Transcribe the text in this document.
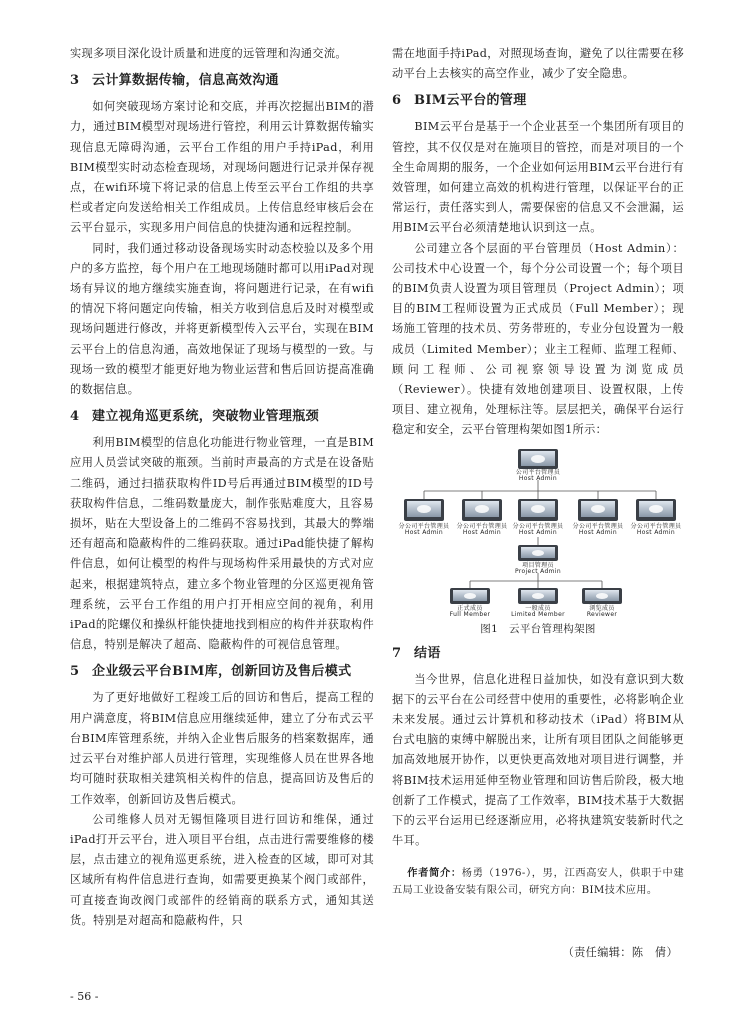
实现多项目深化设计质量和进度的远管理和沟通交流。

3 云计算数据传输，信息高效沟通

如何突破现场方案讨论和交底，并再次挖掘出BIM的潜力，通过BIM模型对现场进行管控，利用云计算数据传输实现信息无障碍沟通，云平台工作组的用户手持iPad，利用BIM模型实时动态检查现场，对现场问题进行记录并保存视点，在wifi环境下将记录的信息上传至云平台工作组的共享栏或者定向发送给相关工作组成员。上传信息经审核后会在云平台显示，实现多用户间信息的快捷沟通和远程控制。

同时，我们通过移动设备现场实时动态校验以及多个用户的多方监控，每个用户在工地现场随时都可以用iPad对现场有异议的地方继续实施查询，将问题进行记录，在有wifi的情况下将问题定向传输，相关方收到信息后及时对模型或现场问题进行修改，并将更新模型传入云平台，实现在BIM云平台上的信息沟通，高效地保证了现场与模型的一致。与现场一致的模型才能更好地为物业运营和售后回访提高准确的数据信息。

4 建立视角巡更系统，突破物业管理瓶颈

利用BIM模型的信息化功能进行物业管理，一直是BIM应用人员尝试突破的瓶颈。当前时声最高的方式是在设备贴二维码，通过扫描获取构件ID号后再通过BIM模型的ID号获取构件信息，二维码数量庞大，制作张贴难度大，且容易损坏，贴在大型设备上的二维码不容易找到，其最大的弊端还有超高和隐蔽构件的二维码获取。通过iPad能快捷了解构件信息，如何让模型的构件与现场构件采用最快的方式对应起来，根据建筑特点，建立多个物业管理的分区巡更视角管理系统，云平台工作组的用户打开相应空间的视角，利用iPad的陀螺仪和操纵杆能快捷地找到相应的构件并获取构件信息，特别是解决了超高、隐蔽构件的可视信息管理。

5 企业级云平台BIM库，创新回访及售后模式

为了更好地做好工程竣工后的回访和售后，提高工程的用户满意度，将BIM信息应用继续延伸，建立了分布式云平台BIM库管理系统，并纳入企业售后服务的档案数据库，通过云平台对维护部人员进行管理，实现维修人员在世界各地均可随时获取相关建筑相关构件的信息，提高回访及售后的工作效率，创新回访及售后模式。

公司维修人员对无锡恒隆项目进行回访和维保，通过iPad打开云平台，进入项目平台组，点击进行需要维修的楼层，点击建立的视角巡更系统，进入检查的区域，即可对其区域所有构件信息进行查询，如需要更换某个阀门或部件，可直接查询改阀门或部件的经销商的联系方式，通知其送货。特别是对超高和隐蔽构件，只

需在地面手持iPad，对照现场查询，避免了以往需要在移动平台上去核实的高空作业，减少了安全隐患。

6 BIM云平台的管理

BIM云平台是基于一个企业甚至一个集团所有项目的管控，其不仅仅是对在施项目的管控，而是对项目的一个全生命周期的服务，一个企业如何运用BIM云平台进行有效管理，如何建立高效的机构进行管理，以保证平台的正常运行，责任落实到人，需要保密的信息又不会泄漏，运用BIM云平台必须清楚地认识到这一点。

公司建立各个层面的平台管理员（Host Admin）：公司技术中心设置一个，每个分公司设置一个；每个项目的BIM负责人设置为项目管理员（Project Admin）；项目的BIM工程师设置为正式成员（Full Member）；现场施工管理的技术员、劳务带班的，专业分包设置为一般成员（Limited Member）；业主工程师、监理工程师、顾问工程师、公司视察领导设置为浏览成员（Reviewer）。快捷有效地创建项目、设置权限，上传项目、建立视角，处理标注等。层层把关，确保平台运行稳定和安全，云平台管理构架如图1所示：

公司平台管理员
Host Admin
分公司平台管理员
Host Admin
分公司平台管理员
Host Admin
分公司平台管理员
Host Admin
分公司平台管理员
Host Admin
分公司平台管理员
Host Admin
项目管理员
Project Admin
正式成员
Full Member
一般成员
Limited Member
浏览成员
Reviewer
图1　云平台管理构架图
7 结语

当今世界，信息化进程日益加快，如没有意识到大数据下的云平台在公司经营中使用的重要性，必将影响企业未来发展。通过云计算机和移动技术（iPad）将BIM从台式电脑的束缚中解脱出来，让所有项目团队之间能够更加高效地展开协作，以更快更高效地对项目进行调整，并将BIM技术运用延伸至物业管理和回访售后阶段，极大地创新了工作模式，提高了工作效率，BIM技术基于大数据下的云平台运用已经逐渐应用，必将执建筑安装新时代之牛耳。

作者简介：杨勇（1976-），男，江西高安人，供职于中建五局工业设备安装有限公司，研究方向：BIM技术应用。

（责任编辑：陈　倩）
- 56 -
